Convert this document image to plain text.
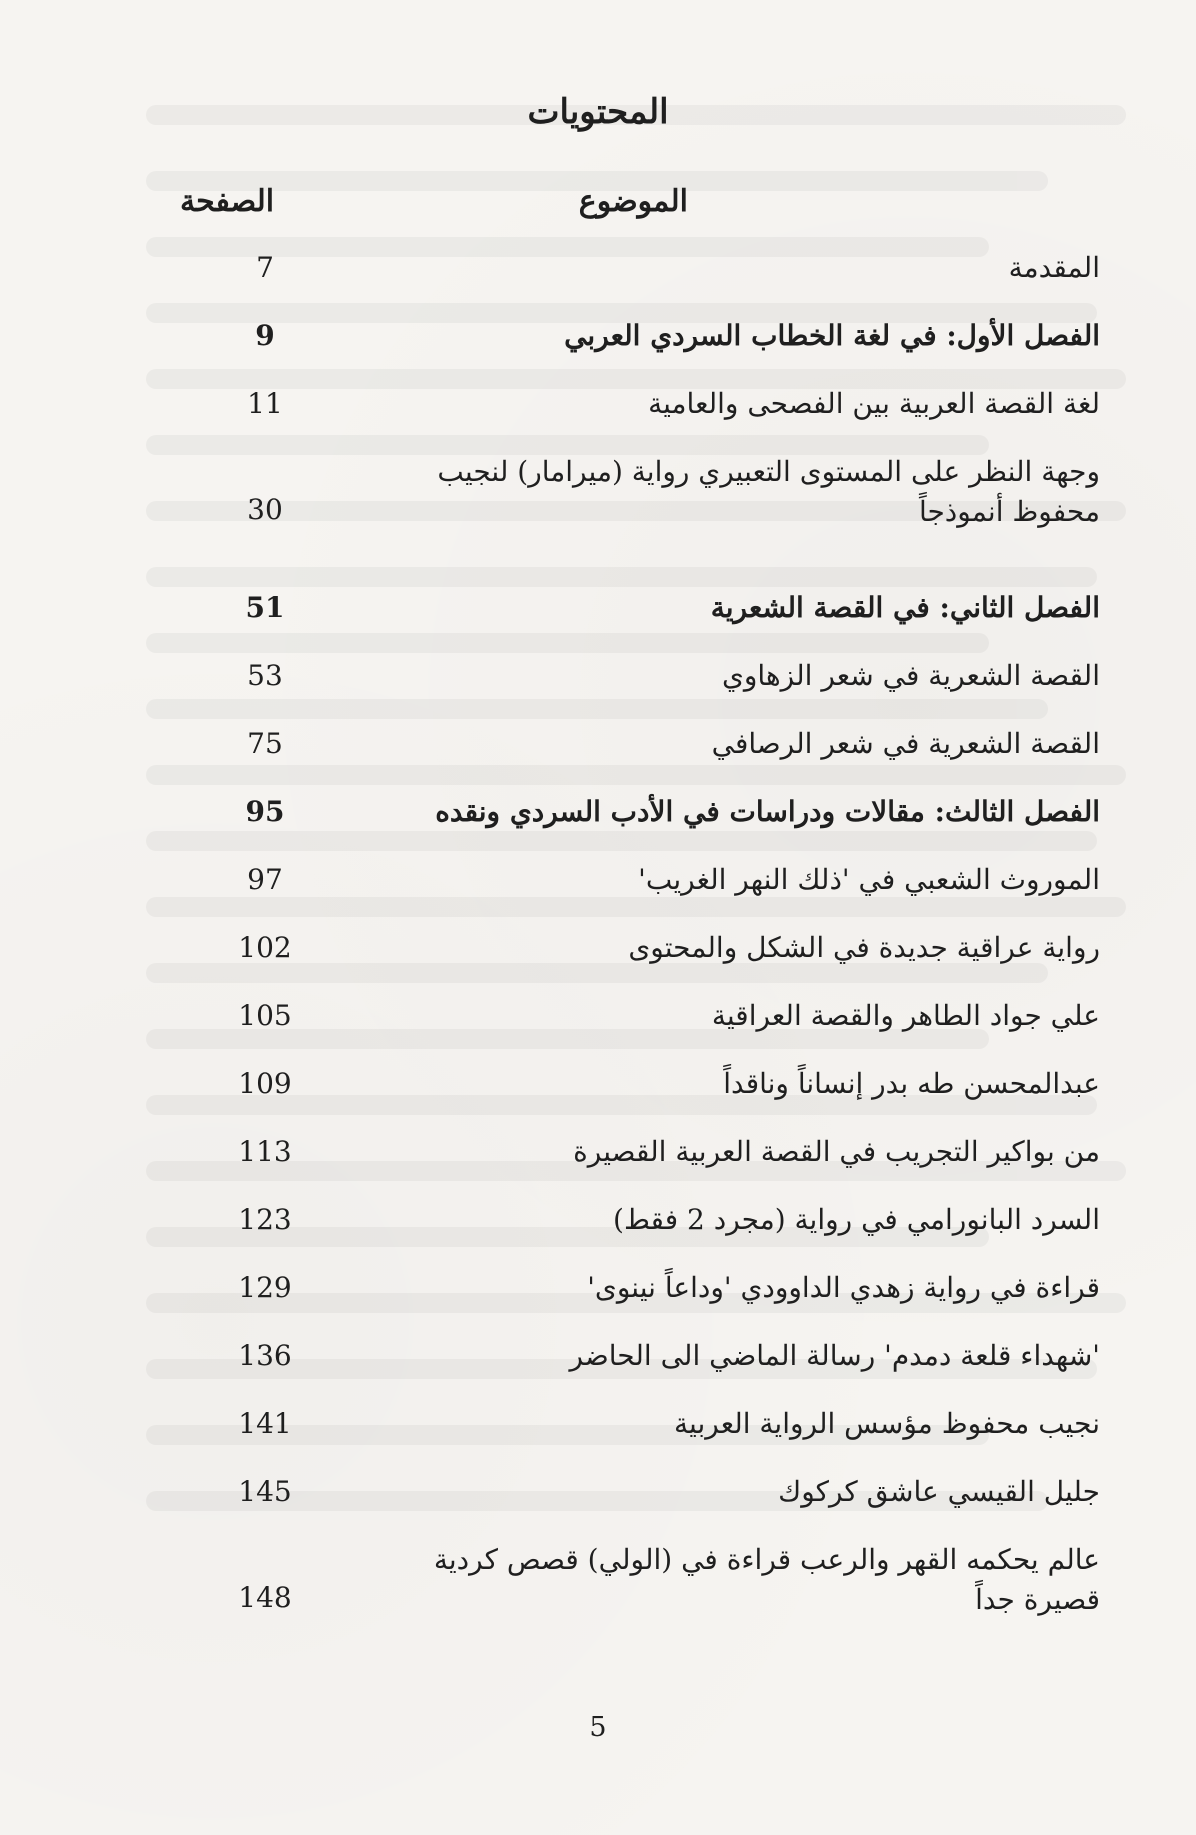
المحتويات
الموضوع
الصفحة
المقدمة
7
الفصل الأول: في لغة الخطاب السردي العربي
9
لغة القصة العربية بين الفصحى والعامية
11
وجهة النظر على المستوى التعبيري رواية (ميرامار) لنجيب
محفوظ أنموذجاً
30
الفصل الثاني: في القصة الشعرية
51
القصة الشعرية في شعر الزهاوي
53
القصة الشعرية في شعر الرصافي
75
الفصل الثالث: مقالات ودراسات في الأدب السردي ونقده
95
الموروث الشعبي في 'ذلك النهر الغريب'
97
رواية عراقية جديدة في الشكل والمحتوى
102
علي جواد الطاهر والقصة العراقية
105
عبدالمحسن طه بدر إنساناً وناقداً
109
من بواكير التجريب في القصة العربية القصيرة
113
السرد البانورامي في رواية (مجرد 2 فقط)
123
قراءة في رواية زهدي الداوودي 'وداعاً نينوى'
129
'شهداء قلعة دمدم' رسالة الماضي الى الحاضر
136
نجيب محفوظ مؤسس الرواية العربية
141
جليل القيسي عاشق كركوك
145
عالم يحكمه القهر والرعب قراءة في (الولي) قصص كردية
قصيرة جداً
148
5
